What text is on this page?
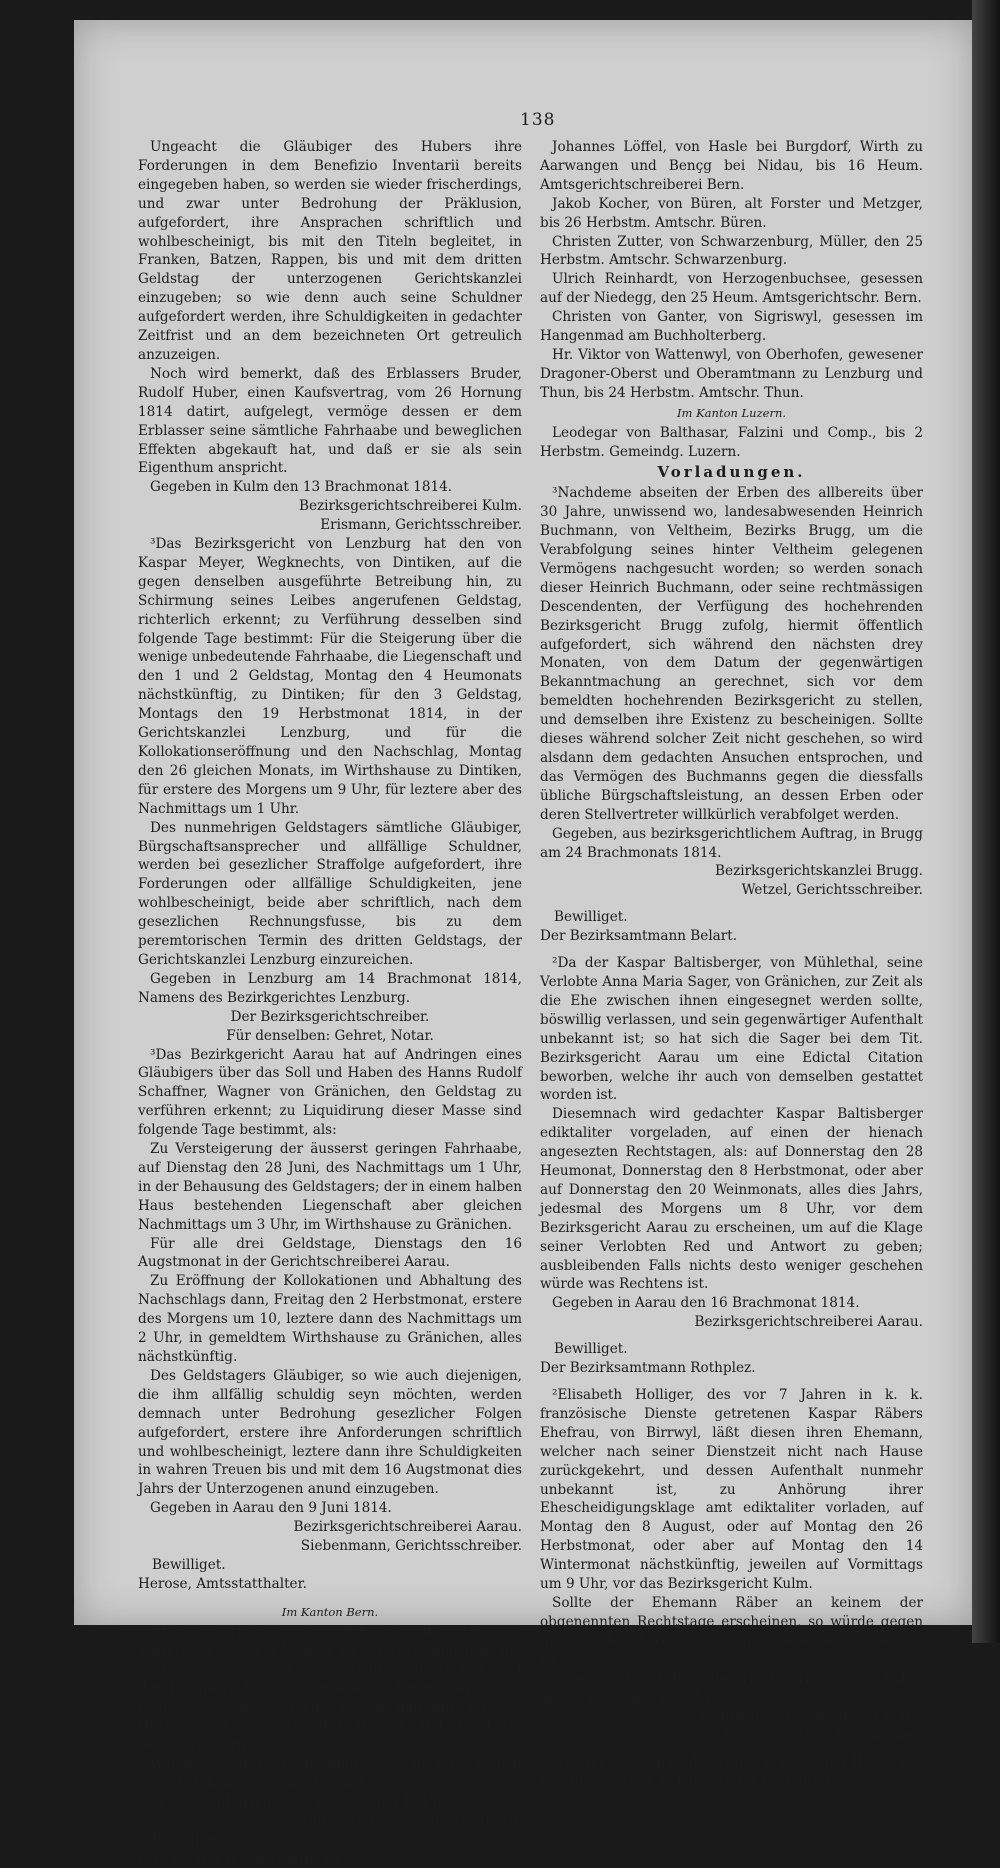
138

Ungeacht die Gläubiger des Hubers ihre Forderungen in dem Benefizio Inventarii bereits eingegeben haben, so werden sie wieder frischerdings, und zwar unter Bedrohung der Präklusion, aufgefordert, ihre Ansprachen schriftlich und wohlbescheinigt, bis mit den Titeln begleitet, in Franken, Batzen, Rappen, bis und mit dem dritten Geldstag der unterzogenen Gerichtskanzlei einzugeben; so wie denn auch seine Schuldner aufgefordert werden, ihre Schuldigkeiten in gedachter Zeitfrist und an dem bezeichneten Ort getreulich anzuzeigen.

Noch wird bemerkt, daß des Erblassers Bruder, Rudolf Huber, einen Kaufsvertrag, vom 26 Hornung 1814 datirt, aufgelegt, vermöge dessen er dem Erblasser seine sämtliche Fahrhaabe und beweglichen Effekten abgekauft hat, und daß er sie als sein Eigenthum anspricht.

Gegeben in Kulm den 13 Brachmonat 1814.

Bezirksgerichtschreiberei Kulm.

Erismann, Gerichtsschreiber.

³Das Bezirksgericht von Lenzburg hat den von Kaspar Meyer, Wegknechts, von Dintiken, auf die gegen denselben ausgeführte Betreibung hin, zu Schirmung seines Leibes angerufenen Geldstag, richterlich erkennt; zu Verführung desselben sind folgende Tage bestimmt: Für die Steigerung über die wenige unbedeutende Fahrhaabe, die Liegenschaft und den 1 und 2 Geldstag, Montag den 4 Heumonats nächstkünftig, zu Dintiken; für den 3 Geldstag, Montags den 19 Herbstmonat 1814, in der Gerichtskanzlei Lenzburg, und für die Kollokationseröffnung und den Nachschlag, Montag den 26 gleichen Monats, im Wirthshause zu Dintiken, für erstere des Morgens um 9 Uhr, für leztere aber des Nachmittags um 1 Uhr.

Des nunmehrigen Geldstagers sämtliche Gläubiger, Bürgschaftsansprecher und allfällige Schuldner, werden bei gesezlicher Straffolge aufgefordert, ihre Forderungen oder allfällige Schuldigkeiten, jene wohlbescheinigt, beide aber schriftlich, nach dem gesezlichen Rechnungsfusse, bis zu dem peremtorischen Termin des dritten Geldstags, der Gerichtskanzlei Lenzburg einzureichen.

Gegeben in Lenzburg am 14 Brachmonat 1814, Namens des Bezirkgerichtes Lenzburg.

Der Bezirksgerichtschreiber.

Für denselben: Gehret, Notar.

³Das Bezirkgericht Aarau hat auf Andringen eines Gläubigers über das Soll und Haben des Hanns Rudolf Schaffner, Wagner von Gränichen, den Geldstag zu verführen erkennt; zu Liquidirung dieser Masse sind folgende Tage bestimmt, als:

Zu Versteigerung der äusserst geringen Fahrhaabe, auf Dienstag den 28 Juni, des Nachmittags um 1 Uhr, in der Behausung des Geldstagers; der in einem halben Haus bestehenden Liegenschaft aber gleichen Nachmittags um 3 Uhr, im Wirthshause zu Gränichen.

Für alle drei Geldstage, Dienstags den 16 Augstmonat in der Gerichtschreiberei Aarau.

Zu Eröffnung der Kollokationen und Abhaltung des Nachschlags dann, Freitag den 2 Herbstmonat, erstere des Morgens um 10, leztere dann des Nachmittags um 2 Uhr, in gemeldtem Wirthshause zu Gränichen, alles nächstkünftig.

Des Geldstagers Gläubiger, so wie auch diejenigen, die ihm allfällig schuldig seyn möchten, werden demnach unter Bedrohung gesezlicher Folgen aufgefordert, erstere ihre Anforderungen schriftlich und wohlbescheinigt, leztere dann ihre Schuldigkeiten in wahren Treuen bis und mit dem 16 Augstmonat dies Jahrs der Unterzogenen anund einzugeben.

Gegeben in Aarau den 9 Juni 1814.

Bezirksgerichtschreiberei Aarau.

Siebenmann, Gerichtsschreiber.

Bewilliget.

Herose, Amtsstatthalter.

Im Kanton Bern.

³Ueber Vermögen und Schulden des Christen Zutters, gewesenen Müllers zu Schwarzenburg, ist die Verführung eines Geldstages richterlich erkennt, und der Termin zu Eingabe der An- und Gegenansprachen festgesetzt worden: längstens bis und mit dem 25 Herbstmonats nächstkünftig, in der Amtschreiberei Schwarzenburg.

Welches unter Bedrohung gesezlicher Folgen öffentlich bekannt gemacht wird.

Schwarzenburg den 20 Brachmonat 1814.

Amtschreiberei Schwarzenburg.

Bewilliget.

F. L. Lombach, Oberamtmann.

Johannes Löffel, von Hasle bei Burgdorf, Wirth zu Aarwangen und Bençg bei Nidau, bis 16 Heum. Amtsgerichtschreiberei Bern.

Jakob Kocher, von Büren, alt Forster und Metzger, bis 26 Herbstm. Amtschr. Büren.

Christen Zutter, von Schwarzenburg, Müller, den 25 Herbstm. Amtschr. Schwarzenburg.

Ulrich Reinhardt, von Herzogenbuchsee, gesessen auf der Niedegg, den 25 Heum. Amtsgerichtschr. Bern.

Christen von Ganter, von Sigriswyl, gesessen im Hangenmad am Buchholterberg.

Hr. Viktor von Wattenwyl, von Oberhofen, gewesener Dragoner-Oberst und Oberamtmann zu Lenzburg und Thun, bis 24 Herbstm. Amtschr. Thun.

Im Kanton Luzern.

Leodegar von Balthasar, Falzini und Comp., bis 2 Herbstm. Gemeindg. Luzern.

Vorladungen.

³Nachdeme abseiten der Erben des allbereits über 30 Jahre, unwissend wo, landesabwesenden Heinrich Buchmann, von Veltheim, Bezirks Brugg, um die Verabfolgung seines hinter Veltheim gelegenen Vermögens nachgesucht worden; so werden sonach dieser Heinrich Buchmann, oder seine rechtmässigen Descendenten, der Verfügung des hochehrenden Bezirksgericht Brugg zufolg, hiermit öffentlich aufgefordert, sich während den nächsten drey Monaten, von dem Datum der gegenwärtigen Bekanntmachung an gerechnet, sich vor dem bemeldten hochehrenden Bezirksgericht zu stellen, und demselben ihre Existenz zu bescheinigen. Sollte dieses während solcher Zeit nicht geschehen, so wird alsdann dem gedachten Ansuchen entsprochen, und das Vermögen des Buchmanns gegen die diessfalls übliche Bürgschaftsleistung, an dessen Erben oder deren Stellvertreter willkürlich verabfolget werden.

Gegeben, aus bezirksgerichtlichem Auftrag, in Brugg am 24 Brachmonats 1814.

Bezirksgerichtskanzlei Brugg.

Wetzel, Gerichtsschreiber.

Bewilliget.

Der Bezirksamtmann Belart.

²Da der Kaspar Baltisberger, von Mühlethal, seine Verlobte Anna Maria Sager, von Gränichen, zur Zeit als die Ehe zwischen ihnen eingesegnet werden sollte, böswillig verlassen, und sein gegenwärtiger Aufenthalt unbekannt ist; so hat sich die Sager bei dem Tit. Bezirksgericht Aarau um eine Edictal Citation beworben, welche ihr auch von demselben gestattet worden ist.

Diesemnach wird gedachter Kaspar Baltisberger ediktaliter vorgeladen, auf einen der hienach angesezten Rechtstagen, als: auf Donnerstag den 28 Heumonat, Donnerstag den 8 Herbstmonat, oder aber auf Donnerstag den 20 Weinmonats, alles dies Jahrs, jedesmal des Morgens um 8 Uhr, vor dem Bezirksgericht Aarau zu erscheinen, um auf die Klage seiner Verlobten Red und Antwort zu geben; ausbleibenden Falls nichts desto weniger geschehen würde was Rechtens ist.

Gegeben in Aarau den 16 Brachmonat 1814.

Bezirksgerichtschreiberei Aarau.

Bewilliget.

Der Bezirksamtmann Rothplez.

²Elisabeth Holliger, des vor 7 Jahren in k. k. französische Dienste getretenen Kaspar Räbers Ehefrau, von Birrwyl, läßt diesen ihren Ehemann, welcher nach seiner Dienstzeit nicht nach Hause zurückgekehrt, und dessen Aufenthalt nunmehr unbekannt ist, zu Anhörung ihrer Ehescheidigungsklage amt ediktaliter vorladen, auf Montag den 8 August, oder auf Montag den 26 Herbstmonat, oder aber auf Montag den 14 Wintermonat nächstkünftig, jeweilen auf Vormittags um 9 Uhr, vor das Bezirksgericht Kulm.

Sollte der Ehemann Räber an keinem der obgenennten Rechtstage erscheinen, so würde gegen ihn vorgekehet werden, was dem Gesetze angemessen ist.

Gegeben, Aus Auftrag des Tit. Bezirkgerichtes Kulm, am 20 Brachmonat 1814.

Bezirksgerichtschreiberei Kulm.

Erismann, Gerichtsschreiber

²Da der Aufenthalt des von der Katharina Honegger, von Bremgarten, der Paternität beklagten Jo-
